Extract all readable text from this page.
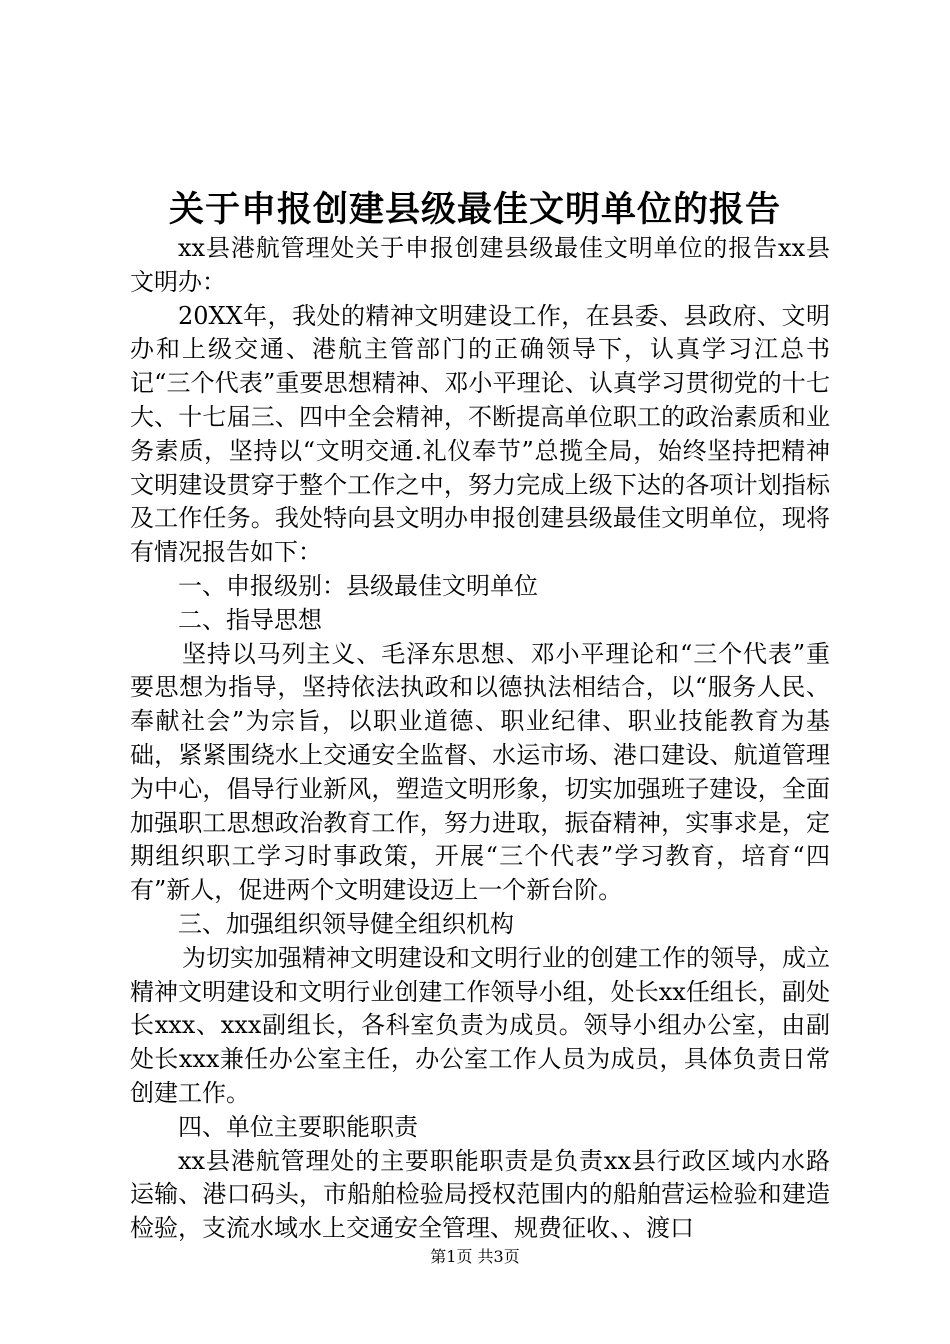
关于申报创建县级最佳文明单位的报告

xx县港航管理处关于申报创建县级最佳文明单位的报告xx县文明办：

20XX年，我处的精神文明建设工作，在县委、县政府、文明办和上级交通、港航主管部门的正确领导下，认真学习江总书记“三个代表”重要思想精神、邓小平理论、认真学习贯彻党的十七大、十七届三、四中全会精神，不断提高单位职工的政治素质和业务素质，坚持以“文明交通.礼仪奉节”总揽全局，始终坚持把精神文明建设贯穿于整个工作之中，努力完成上级下达的各项计划指标及工作任务。我处特向县文明办申报创建县级最佳文明单位，现将有情况报告如下：

一、申报级别：县级最佳文明单位

二、指导思想

坚持以马列主义、毛泽东思想、邓小平理论和“三个代表”重要思想为指导，坚持依法执政和以德执法相结合，以“服务人民、奉献社会”为宗旨，以职业道德、职业纪律、职业技能教育为基础，紧紧围绕水上交通安全监督、水运市场、港口建设、航道管理为中心，倡导行业新风，塑造文明形象，切实加强班子建设，全面加强职工思想政治教育工作，努力进取，振奋精神，实事求是，定期组织职工学习时事政策，开展“三个代表”学习教育，培育“四有”新人，促进两个文明建设迈上一个新台阶。

三、加强组织领导健全组织机构

为切实加强精神文明建设和文明行业的创建工作的领导，成立精神文明建设和文明行业创建工作领导小组，处长xx任组长，副处长xxx、xxx副组长，各科室负责为成员。领导小组办公室，由副处长xxx兼任办公室主任，办公室工作人员为成员，具体负责日常创建工作。

四、单位主要职能职责

xx县港航管理处的主要职能职责是负责xx县行政区域内水路运输、港口码头，市船舶检验局授权范围内的船舶营运检验和建造检验，支流水域水上交通安全管理、规费征收、、渡口

第1页 共3页
